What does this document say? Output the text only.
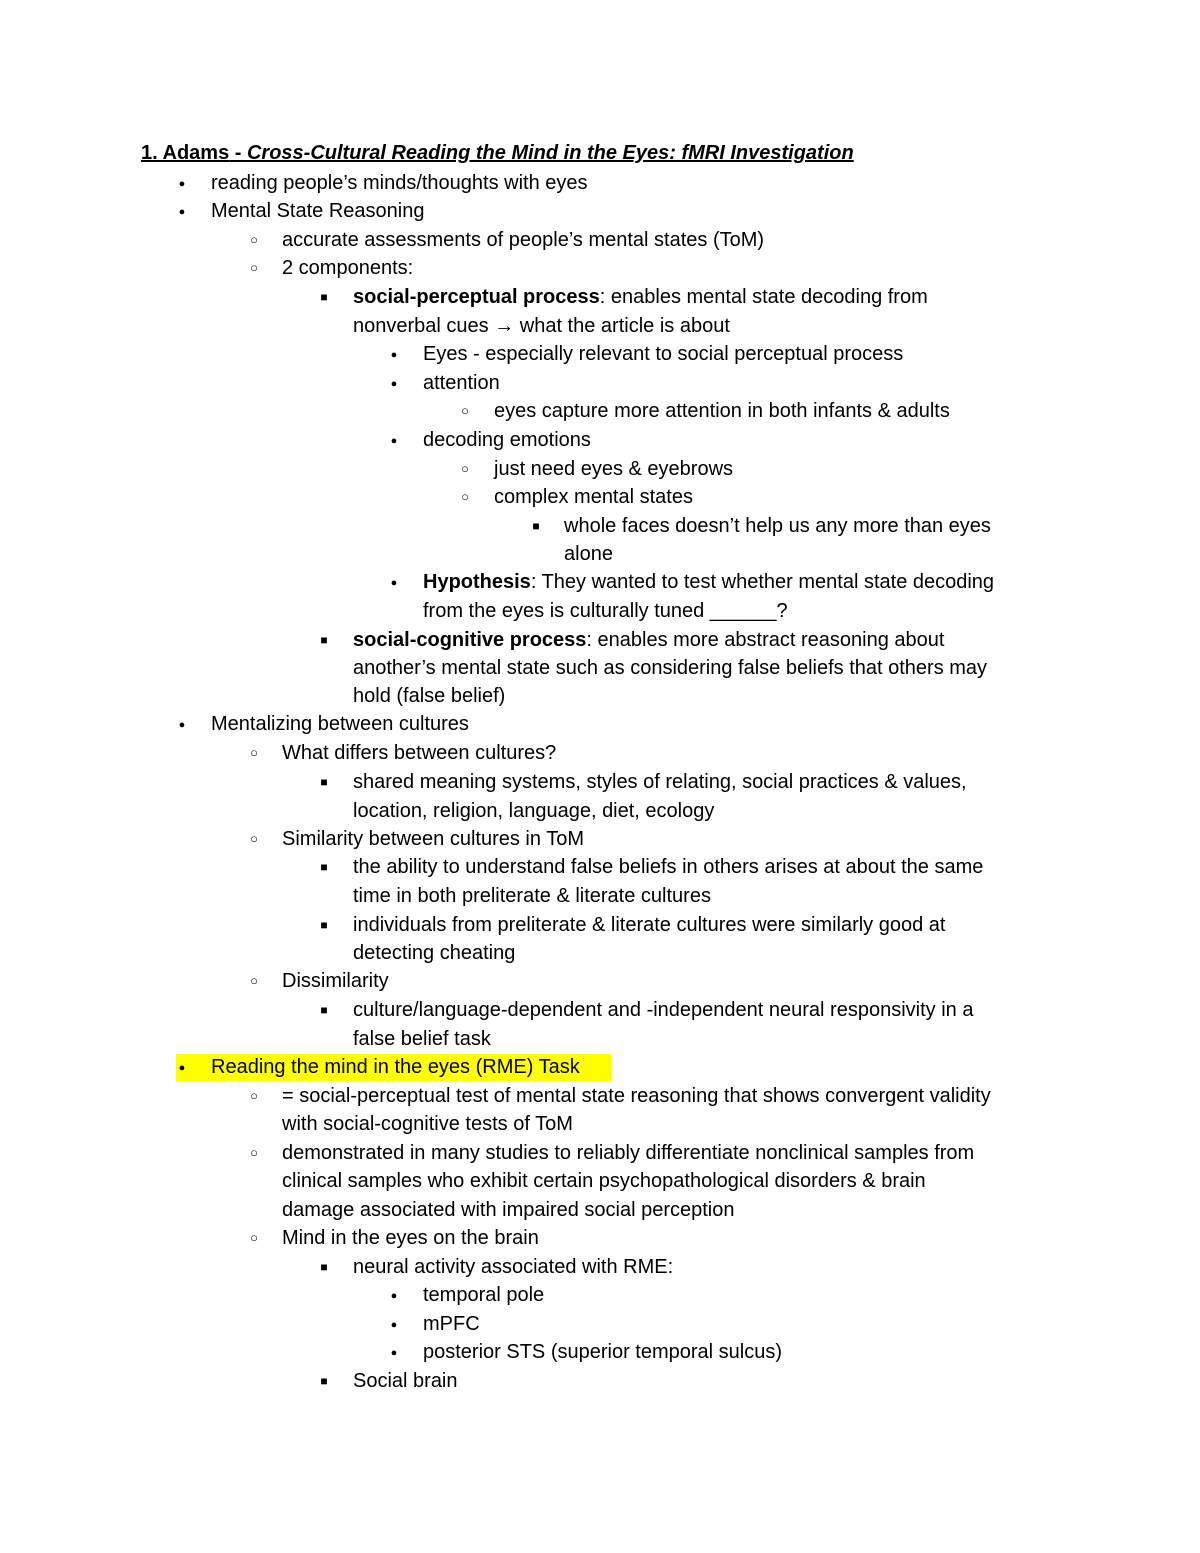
1. Adams - Cross-Cultural Reading the Mind in the Eyes: fMRI Investigation
●
reading people’s minds/thoughts with eyes
●
Mental State Reasoning
○
accurate assessments of people’s mental states (ToM)
○
2 components:
■
social-perceptual process: enables mental state decoding from
nonverbal cues → what the article is about
●
Eyes - especially relevant to social perceptual process
●
attention
○
eyes capture more attention in both infants & adults
●
decoding emotions
○
just need eyes & eyebrows
○
complex mental states
■
whole faces doesn’t help us any more than eyes
alone
●
Hypothesis: They wanted to test whether mental state decoding
from the eyes is culturally tuned ______?
■
social-cognitive process: enables more abstract reasoning about
another’s mental state such as considering false beliefs that others may
hold (false belief)
●
Mentalizing between cultures
○
What differs between cultures?
■
shared meaning systems, styles of relating, social practices & values,
location, religion, language, diet, ecology
○
Similarity between cultures in ToM
■
the ability to understand false beliefs in others arises at about the same
time in both preliterate & literate cultures
■
individuals from preliterate & literate cultures were similarly good at
detecting cheating
○
Dissimilarity
■
culture/language-dependent and -independent neural responsivity in a
false belief task
●
Reading the mind in the eyes (RME) Task
○
= social-perceptual test of mental state reasoning that shows convergent validity
with social-cognitive tests of ToM
○
demonstrated in many studies to reliably differentiate nonclinical samples from
clinical samples who exhibit certain psychopathological disorders & brain
damage associated with impaired social perception
○
Mind in the eyes on the brain
■
neural activity associated with RME:
●
temporal pole
●
mPFC
●
posterior STS (superior temporal sulcus)
■
Social brain
